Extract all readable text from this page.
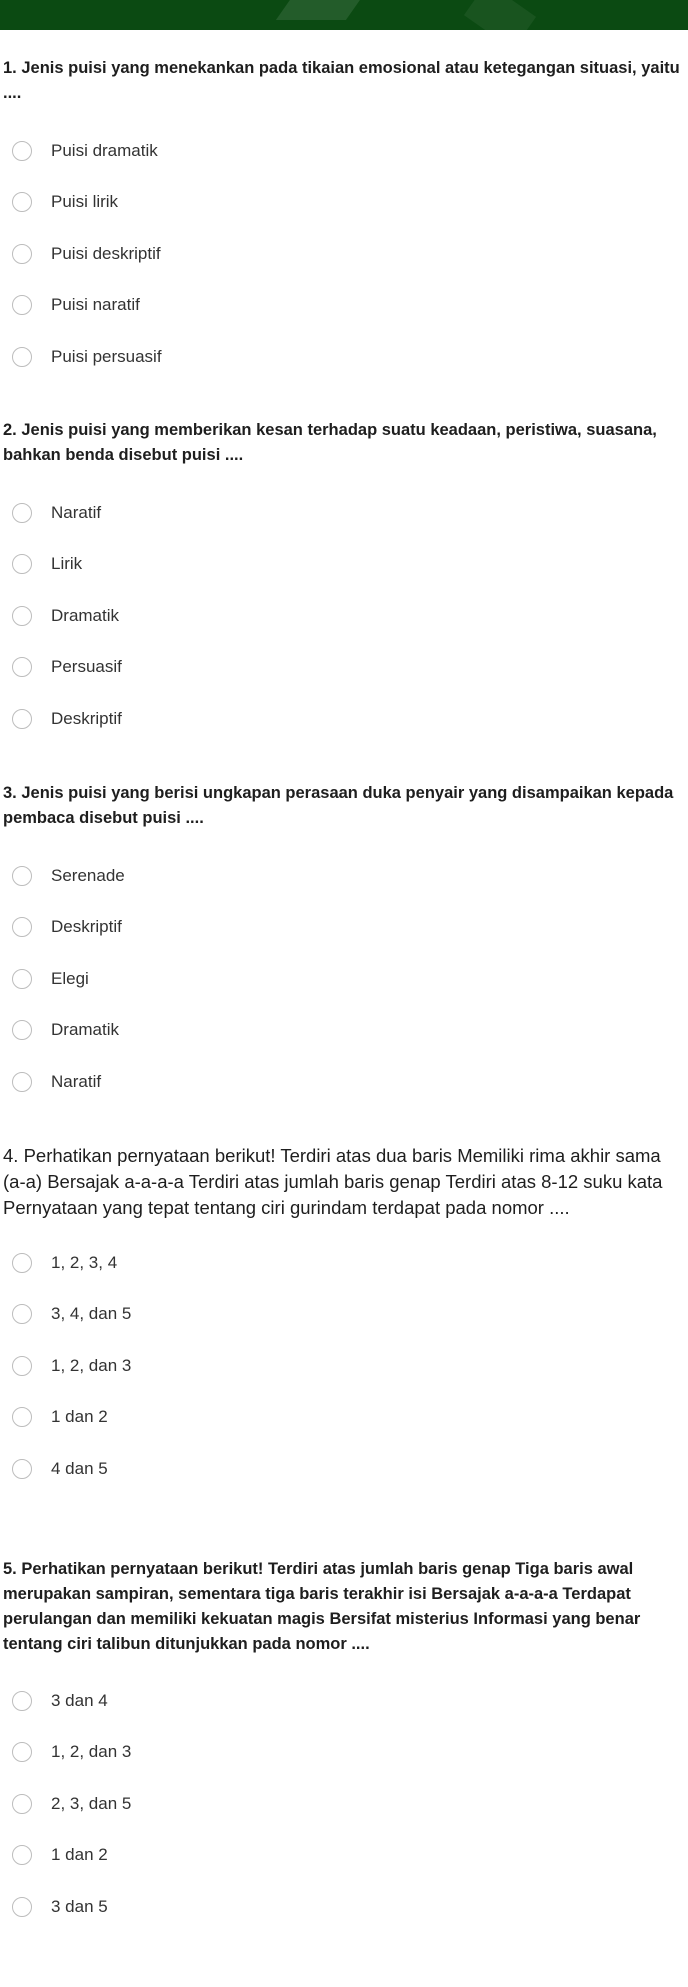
1. Jenis puisi yang menekankan pada tikaian emosional atau ketegangan situasi, yaitu ....

Puisi dramatik
Puisi lirik
Puisi deskriptif
Puisi naratif
Puisi persuasif

2. Jenis puisi yang memberikan kesan terhadap suatu keadaan, peristiwa, suasana, bahkan benda disebut puisi ....

Naratif
Lirik
Dramatik
Persuasif
Deskriptif

3. Jenis puisi yang berisi ungkapan perasaan duka penyair yang disampaikan kepada pembaca disebut puisi ....

Serenade
Deskriptif
Elegi
Dramatik
Naratif

4. Perhatikan pernyataan berikut! Terdiri atas dua baris Memiliki rima akhir sama (a-a) Bersajak a-a-a-a Terdiri atas jumlah baris genap Terdiri atas 8-12 suku kata Pernyataan yang tepat tentang ciri gurindam terdapat pada nomor ....

1, 2, 3, 4
3, 4, dan 5
1, 2, dan 3
1 dan 2
4 dan 5

5. Perhatikan pernyataan berikut! Terdiri atas jumlah baris genap Tiga baris awal merupakan sampiran, sementara tiga baris terakhir isi Bersajak a-a-a-a Terdapat perulangan dan memiliki kekuatan magis Bersifat misterius Informasi yang benar tentang ciri talibun ditunjukkan pada nomor ....

3 dan 4
1, 2, dan 3
2, 3, dan 5
1 dan 2
3 dan 5
